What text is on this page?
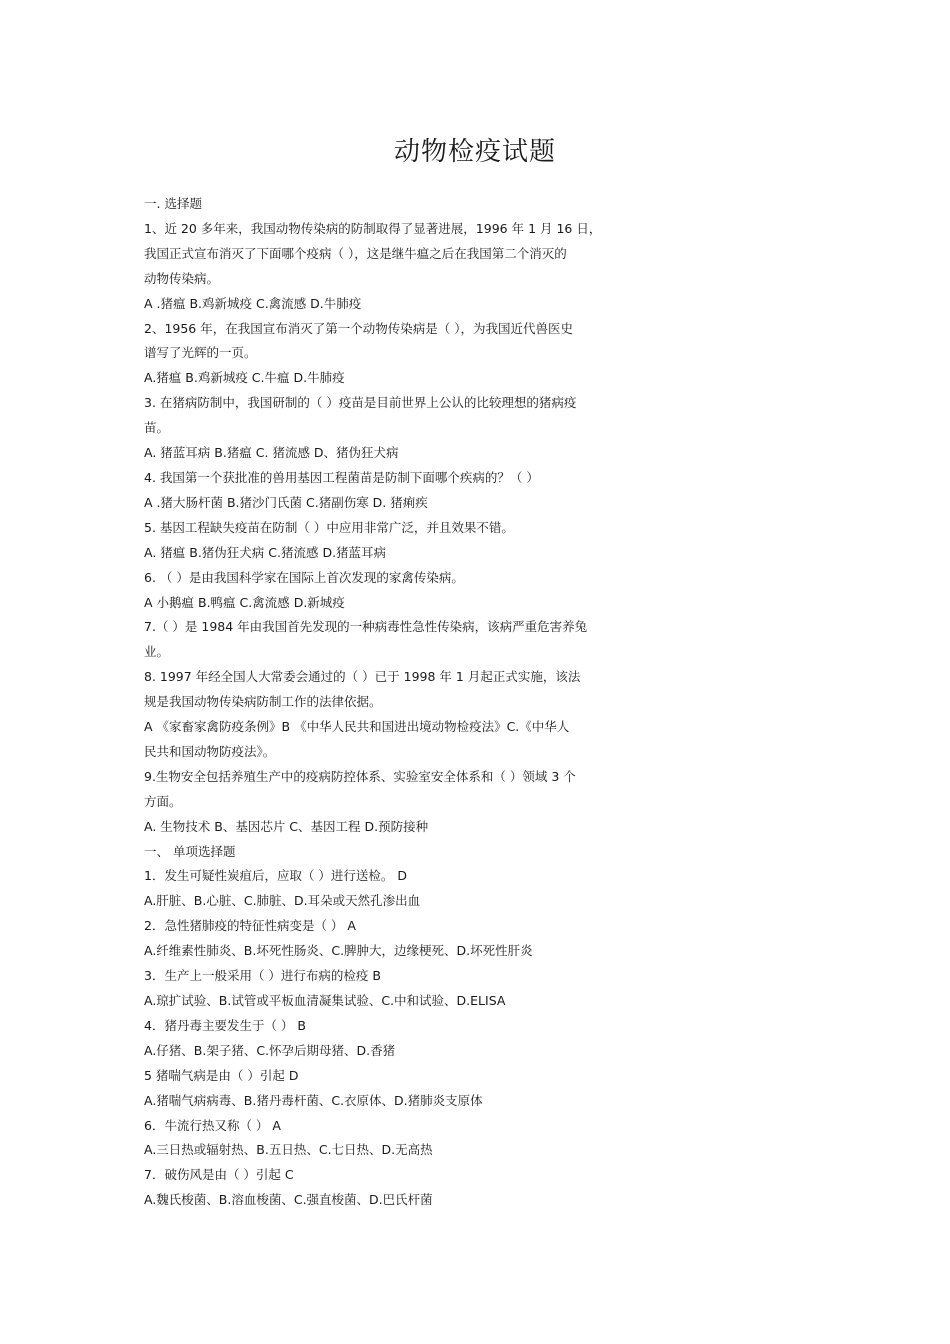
动物检疫试题

一. 选择题

1、近 20 多年来，我国动物传染病的防制取得了显著进展，1996 年 1 月 16 日，

我国正式宣布消灭了下面哪个疫病（ ），这是继牛瘟之后在我国第二个消灭的

动物传染病。

A .猪瘟 B.鸡新城疫 C.禽流感 D.牛肺疫

2、1956 年，在我国宣布消灭了第一个动物传染病是（ ），为我国近代兽医史

谱写了光辉的一页。

A.猪瘟 B.鸡新城疫 C.牛瘟 D.牛肺疫

3. 在猪病防制中，我国研制的（ ）疫苗是目前世界上公认的比较理想的猪病疫

苗。

A. 猪蓝耳病 B.猪瘟 C. 猪流感 D、猪伪狂犬病

4. 我国第一个获批准的兽用基因工程菌苗是防制下面哪个疾病的？（ ）

A .猪大肠杆菌 B.猪沙门氏菌 C.猪副伤寒 D. 猪痢疾

5. 基因工程缺失疫苗在防制（ ）中应用非常广泛，并且效果不错。

A. 猪瘟 B.猪伪狂犬病 C.猪流感 D.猪蓝耳病

6. （ ）是由我国科学家在国际上首次发现的家禽传染病。

A 小鹅瘟 B.鸭瘟 C.禽流感 D.新城疫

7.（ ）是 1984 年由我国首先发现的一种病毒性急性传染病，该病严重危害养兔

业。

8. 1997 年经全国人大常委会通过的（ ）已于 1998 年 1 月起正式实施，该法

规是我国动物传染病防制工作的法律依据。

A 《家畜家禽防疫条例》B 《中华人民共和国进出境动物检疫法》C.《中华人

民共和国动物防疫法》。

9.生物安全包括养殖生产中的疫病防控体系、实验室安全体系和（ ）领域 3 个

方面。

A. 生物技术 B、基因芯片 C、基因工程 D.预防接种

一、 单项选择题

1．发生可疑性炭疽后，应取（ ）进行送检。 D

A.肝脏、B.心脏、C.肺脏、D.耳朵或天然孔渗出血

2．急性猪肺疫的特征性病变是（ ） A

A.纤维素性肺炎、B.坏死性肠炎、C.脾肿大，边缘梗死、D.坏死性肝炎

3．生产上一般采用（ ）进行布病的检疫 B

A.琼扩试验、B.试管或平板血清凝集试验、C.中和试验、D.ELISA

4．猪丹毒主要发生于（ ） B

A.仔猪、B.架子猪、C.怀孕后期母猪、D.香猪

5 猪喘气病是由（ ）引起 D

A.猪喘气病病毒、B.猪丹毒杆菌、C.衣原体、D.猪肺炎支原体

6．牛流行热又称（ ） A

A.三日热或辐射热、B.五日热、C.七日热、D.无高热

7．破伤风是由（ ）引起 C

A.魏氏梭菌、B.溶血梭菌、C.强直梭菌、D.巴氏杆菌
